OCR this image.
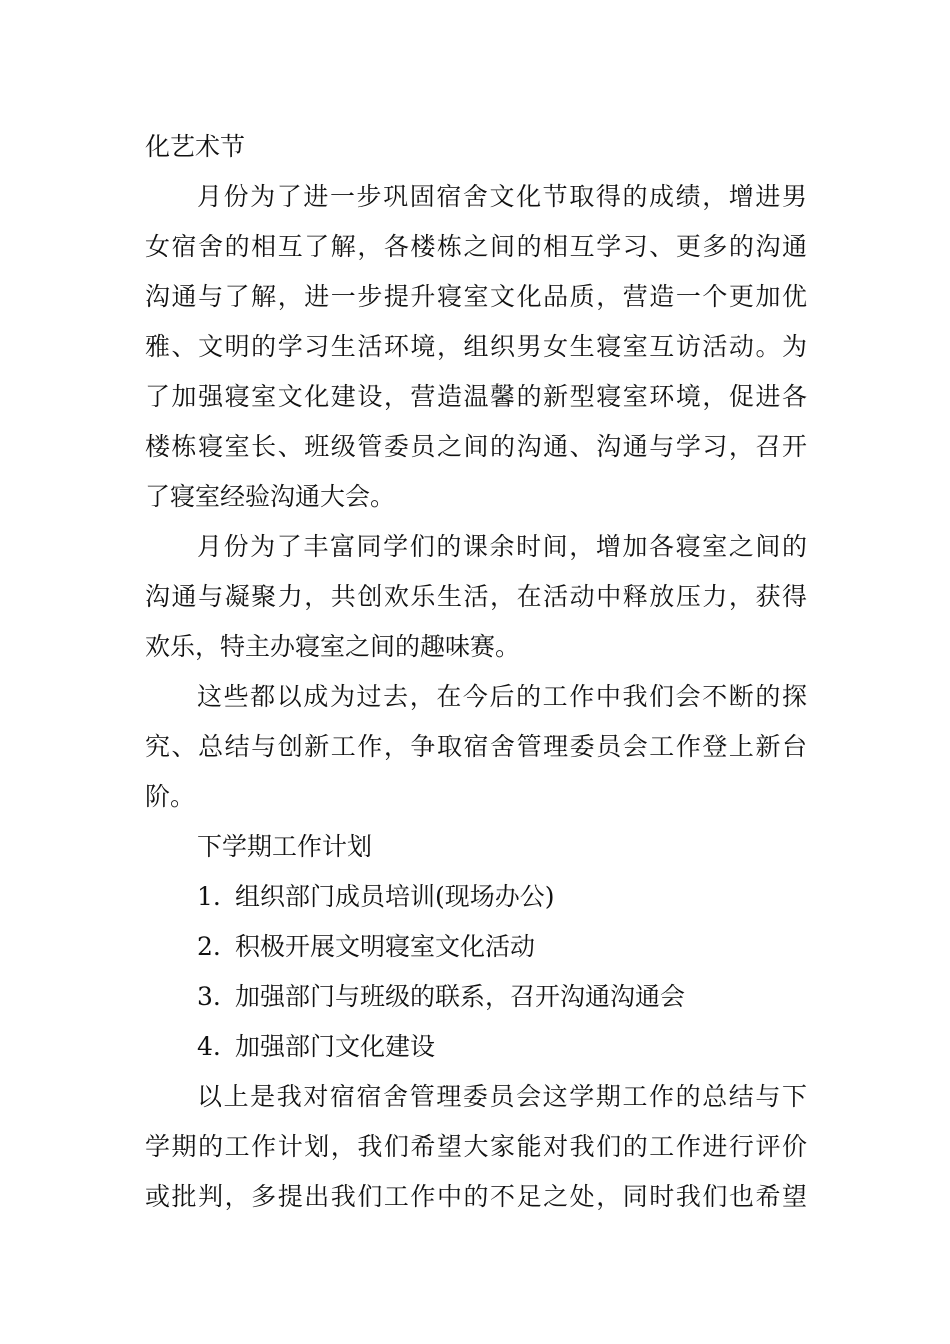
化艺术节
月份为了进一步巩固宿舍文化节取得的成绩，增进男
女宿舍的相互了解，各楼栋之间的相互学习、更多的沟通
沟通与了解，进一步提升寝室文化品质，营造一个更加优
雅、文明的学习生活环境，组织男女生寝室互访活动。为
了加强寝室文化建设，营造温馨的新型寝室环境，促进各
楼栋寝室长、班级管委员之间的沟通、沟通与学习，召开
了寝室经验沟通大会。
月份为了丰富同学们的课余时间，增加各寝室之间的
沟通与凝聚力，共创欢乐生活，在活动中释放压力，获得
欢乐，特主办寝室之间的趣味赛。
这些都以成为过去，在今后的工作中我们会不断的探
究、总结与创新工作，争取宿舍管理委员会工作登上新台
阶。
下学期工作计划
1. 组织部门成员培训(现场办公)
2. 积极开展文明寝室文化活动
3. 加强部门与班级的联系，召开沟通沟通会
4. 加强部门文化建设
以上是我对宿宿舍管理委员会这学期工作的总结与下
学期的工作计划，我们希望大家能对我们的工作进行评价
或批判，多提出我们工作中的不足之处，同时我们也希望
